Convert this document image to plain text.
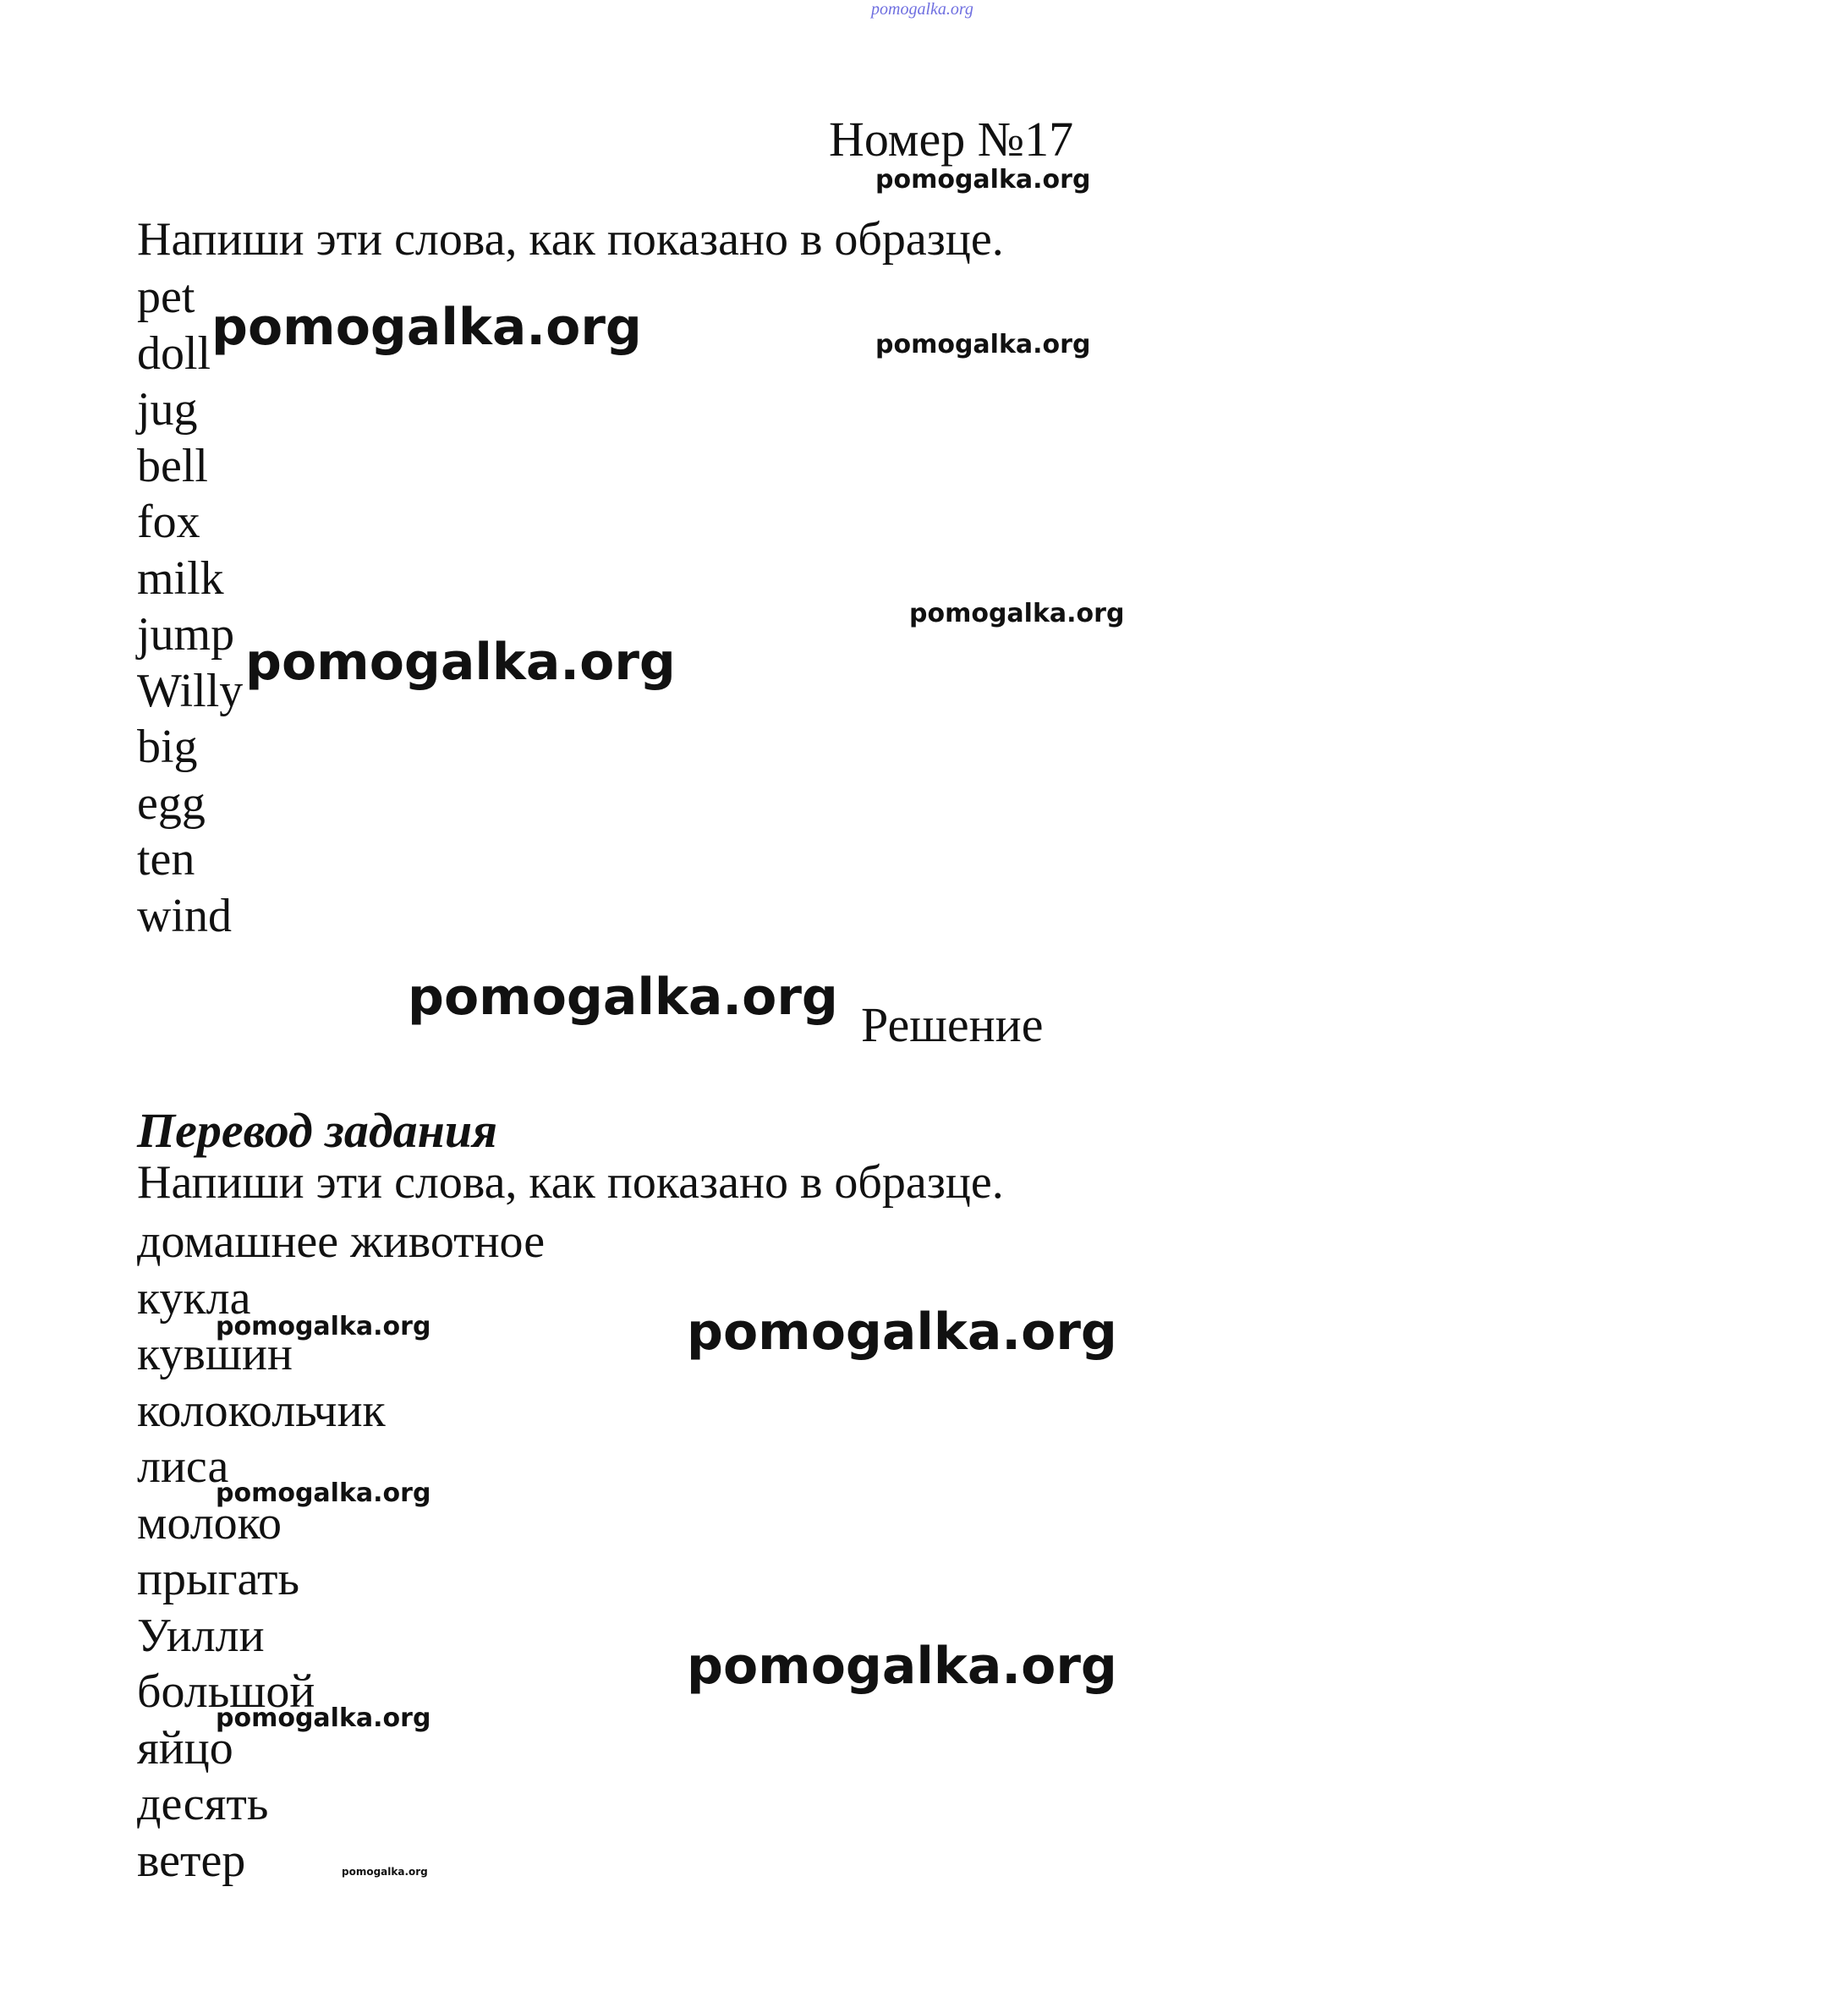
pomogalka.org
Номер №17
Напиши эти слова, как показано в образце.
pet
doll
jug
bell
fox
milk
jump
Willy
big
egg
ten
wind
Решение
Перевод задания
Напиши эти слова, как показано в образце.
домашнее животное
кукла
кувшин
колокольчик
лиса
молоко
прыгать
Уилли
большой
яйцо
десять
ветер
pomogalka.org
pomogalka.org	pomogalka.org
pomogalka.org
pomogalka.org
pomogalka.org
pomogalka.org	pomogalka.org
pomogalka.org
pomogalka.org
pomogalka.org
pomogalka.org
